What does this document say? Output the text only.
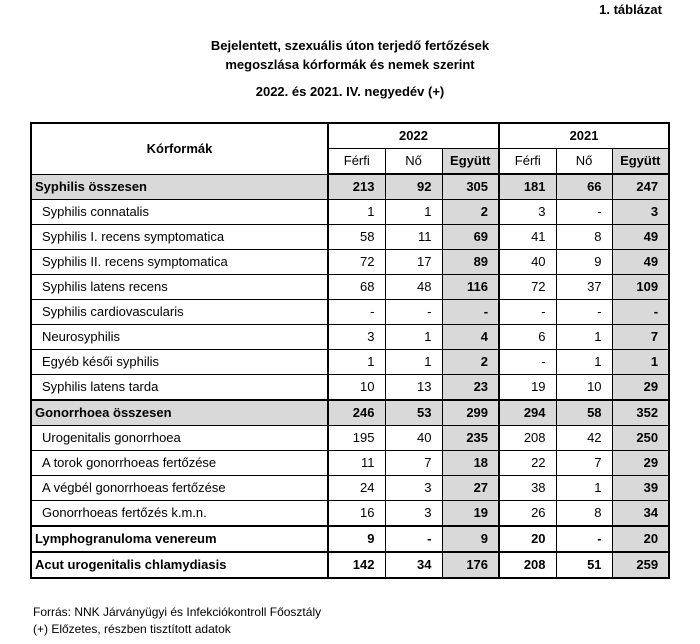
1. táblázat
Bejelentett, szexuális úton terjedő fertőzések
megoszlása kórformák és nemek szerint
2022. és 2021. IV. negyedév (+)
Kórformák	2022			2021		
	Férfi	Nő	Együtt	Férfi	Nő	Együtt
Syphilis összesen	213	92	305	181	66	247
Syphilis connatalis	1	1	2	3	-	3
Syphilis I. recens symptomatica	58	11	69	41	8	49
Syphilis II. recens symptomatica	72	17	89	40	9	49
Syphilis latens recens	68	48	116	72	37	109
Syphilis cardiovascularis	-	-	-	-	-	-
Neurosyphilis	3	1	4	6	1	7
Egyéb késői syphilis	1	1	2	-	1	1
Syphilis latens tarda	10	13	23	19	10	29
Gonorrhoea összesen	246	53	299	294	58	352
Urogenitalis gonorrhoea	195	40	235	208	42	250
A torok gonorrhoeas fertőzése	11	7	18	22	7	29
A végbél gonorrhoeas fertőzése	24	3	27	38	1	39
Gonorrhoeas fertőzés k.m.n.	16	3	19	26	8	34
Lymphogranuloma venereum	9	-	9	20	-	20
Acut urogenitalis chlamydiasis	142	34	176	208	51	259
Forrás: NNK Járványügyi és Infekciókontroll Főosztály
(+) Előzetes, részben tisztított adatok
